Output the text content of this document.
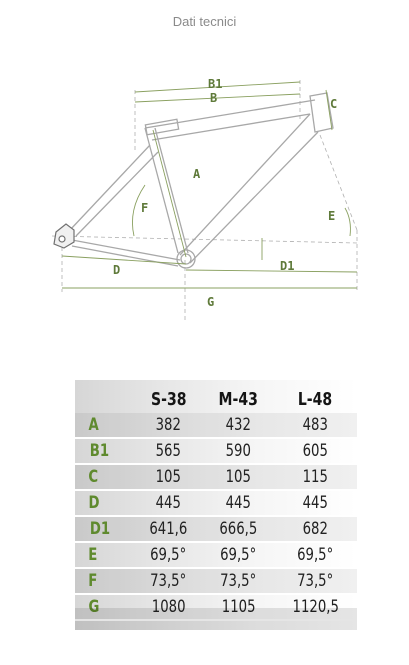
Dati tecnici
B1
B	C
A
F
E
D	D1
G
	S-38	M-43	L-48
A	382	432	483
B1	565	590	605
C	105	105	115
D	445	445	445
D1	641,6	666,5	682
E	69,5°	69,5°	69,5°
F	73,5°	73,5°	73,5°
G	1080	1105	1120,5
